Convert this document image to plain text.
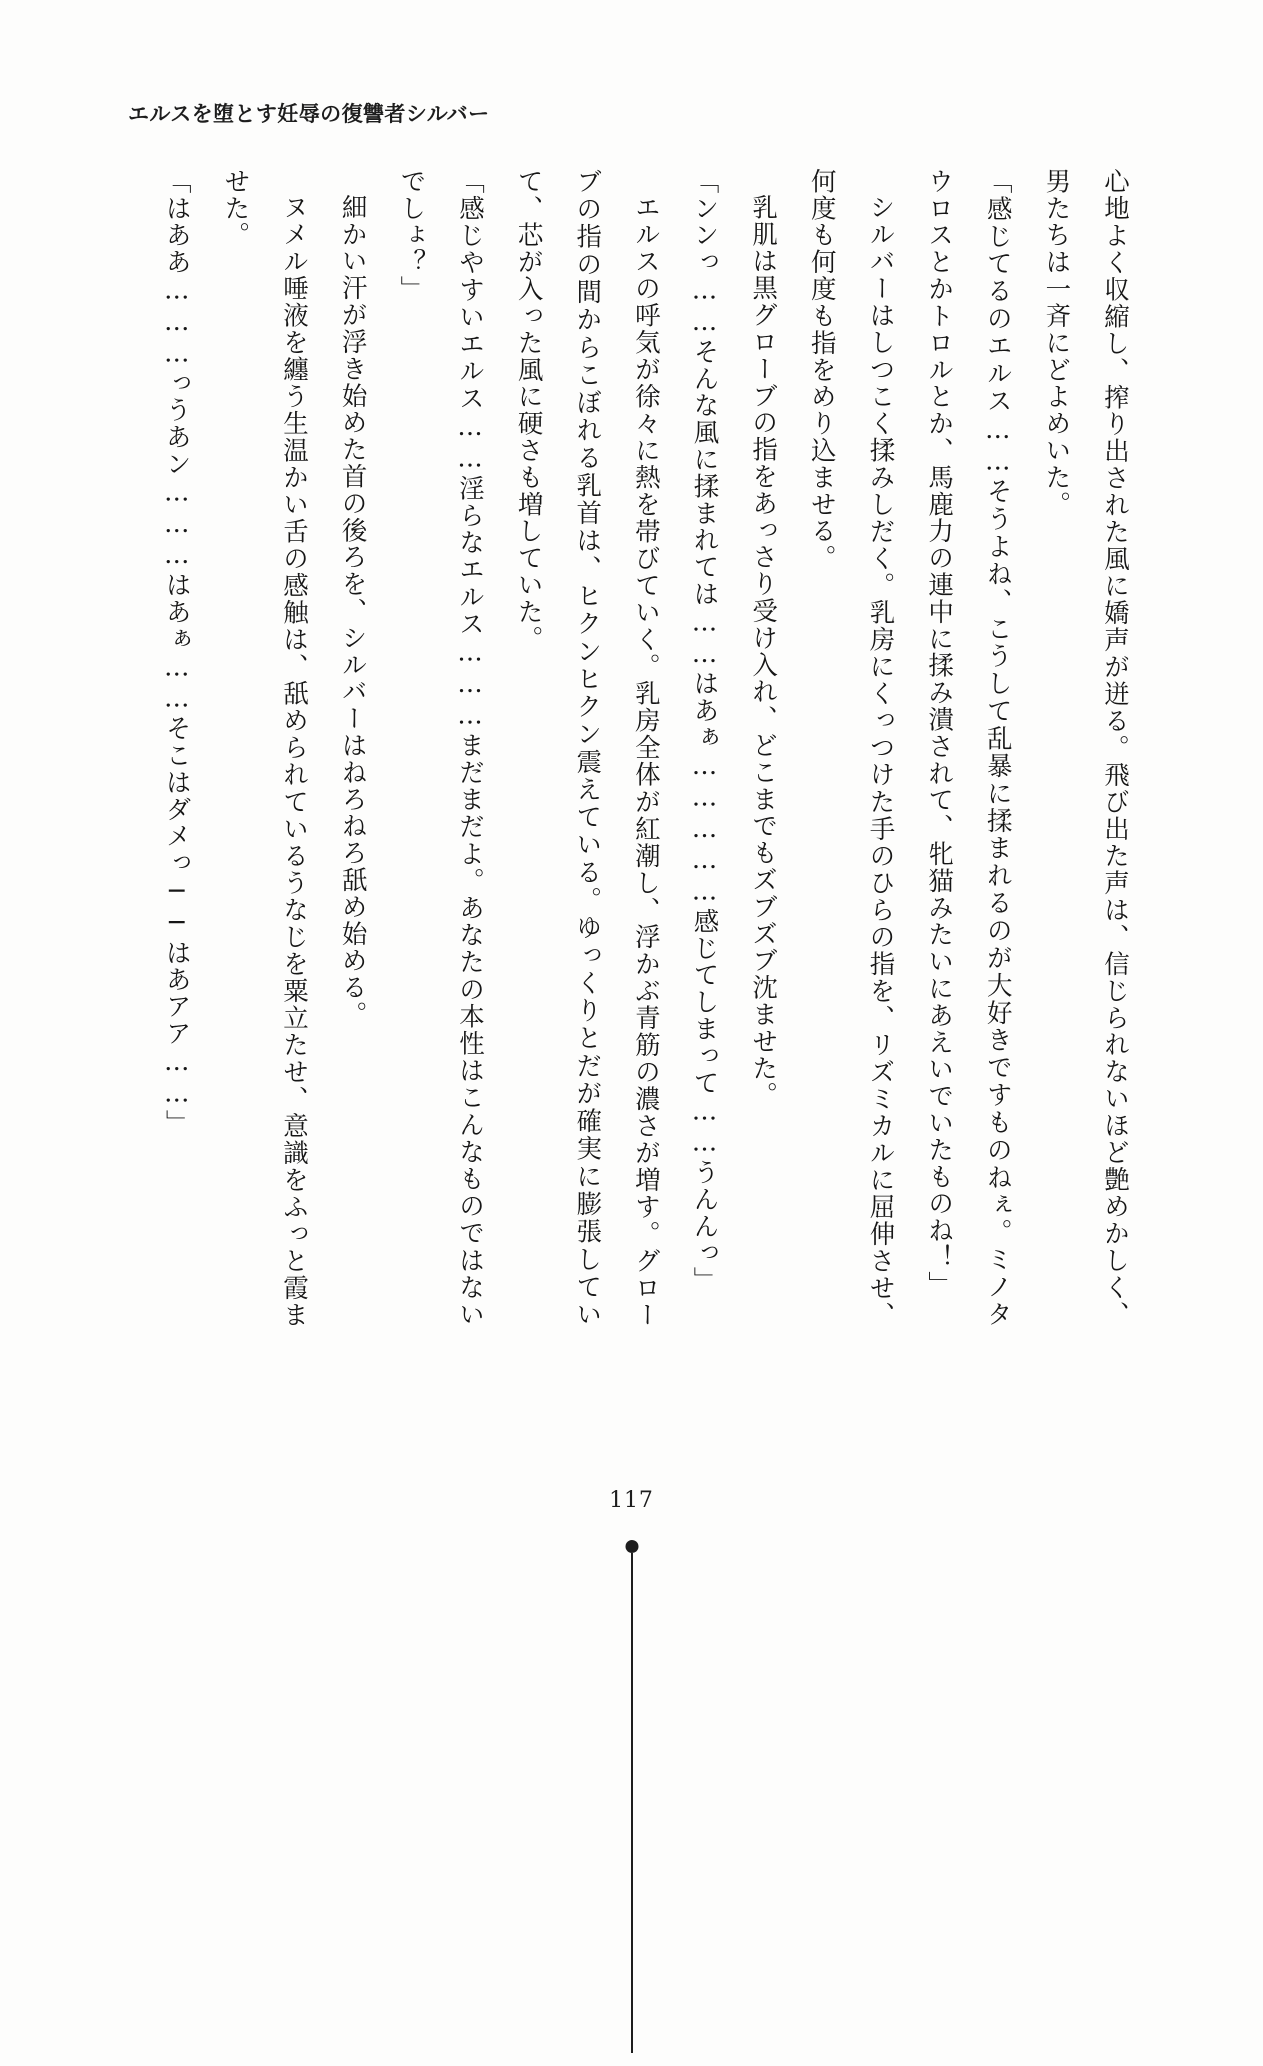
エルスを堕とす妊辱の復讐者シルバー

心地よく収縮し、搾り出された風に嬌声が迸る。飛び出た声は、信じられないほど艶めかしく、男たちは一斉にどよめいた。

「感じてるのエルス……そうよね、こうして乱暴に揉まれるのが大好きですものねぇ。ミノタウロスとかトロルとか、馬鹿力の連中に揉み潰されて、牝猫みたいにあえいでいたものね！」

シルバーはしつこく揉みしだく。乳房にくっつけた手のひらの指を、リズミカルに屈伸させ、何度も何度も指をめり込ませる。

乳肌は黒グローブの指をあっさり受け入れ、どこまでもズブズブ沈ませた。

「ンンっ……そんな風に揉まれては……はあぁ……………感じてしまって……うんんっ」

エルスの呼気が徐々に熱を帯びていく。乳房全体が紅潮し、浮かぶ青筋の濃さが増す。グローブの指の間からこぼれる乳首は、ヒクンヒクン震えている。ゆっくりとだが確実に膨張していて、芯が入った風に硬さも増していた。

「感じやすいエルス……淫らなエルス………まだまだよ。あなたの本性はこんなものではないでしょ？」

細かい汗が浮き始めた首の後ろを、シルバーはねろねろ舐め始める。

ヌメル唾液を纏う生温かい舌の感触は、舐められているうなじを粟立たせ、意識をふっと霞ませた。

「はああ………っうあン………はあぁ……そこはダメっ──はあアア……」

117
